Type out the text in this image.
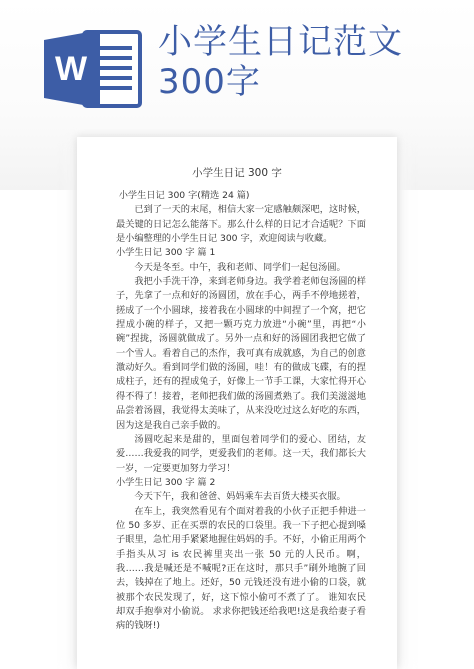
W
小学生日记范文300字
小学生日记 300 字

小学生日记 300 字(精选 24 篇)

已到了一天的末尾，相信大家一定感触颇深吧，这时候，最关键的日记怎么能落下。那么什么样的日记才合适呢？下面是小编整理的小学生日记 300 字，欢迎阅读与收藏。

小学生日记 300 字 篇 1

今天是冬至。中午，我和老师、同学们一起包汤圆。

我把小手洗干净，来到老师身边。我学着老师包汤圆的样子，先拿了一点和好的汤圆团，放在手心，两手不停地搓着，搓成了一个小圆球，接着我在小圆球的中间捏了一个窝，把它捏成小碗的样子，又把一颗巧克力放进“小碗”里，再把“小碗”捏拢，汤圆就做成了。另外一点和好的汤圆团我把它做了一个雪人。看着自己的杰作，我可真有成就感，为自己的创意激动好久。看到同学们做的汤圆，哇！有的做成飞碟，有的捏成柱子，还有的捏成兔子，好像上一节手工课，大家忙得开心得不得了！接着，老师把我们做的汤圆煮熟了。我们美滋滋地品尝着汤圆，我觉得太美味了，从来没吃过这么好吃的东西，因为这是我自己亲手做的。

汤圆吃起来是甜的，里面包着同学们的爱心、团结，友爱……我爱我的同学，更爱我们的老师。这一天，我们都长大一岁，一定要更加努力学习！

小学生日记 300 字 篇 2

今天下午，我和爸爸、妈妈乘车去百货大楼买衣服。

在车上，我突然看见有个面对着我的小伙子正把手伸进一位 50 多岁、正在买票的农民的口袋里。我一下子把心提到嗓子眼里，急忙用手紧紧地握住妈妈的手。不好，小偷正用两个手指头从习 is 农民裤里夹出一张 50 元的人民币。啊，我……我是喊还是不喊呢?正在这时，那只手”刷外地腕了回去，钱掉在了地上。还好，50 元钱还没有进小偷的口袋，就被那个农民发现了，好，这下惊小偷可不煮了了。 谁知农民却双手抱拳对小偷说。 求求你把钱还给我吧!这是我给妻子看病的钱呀!)
